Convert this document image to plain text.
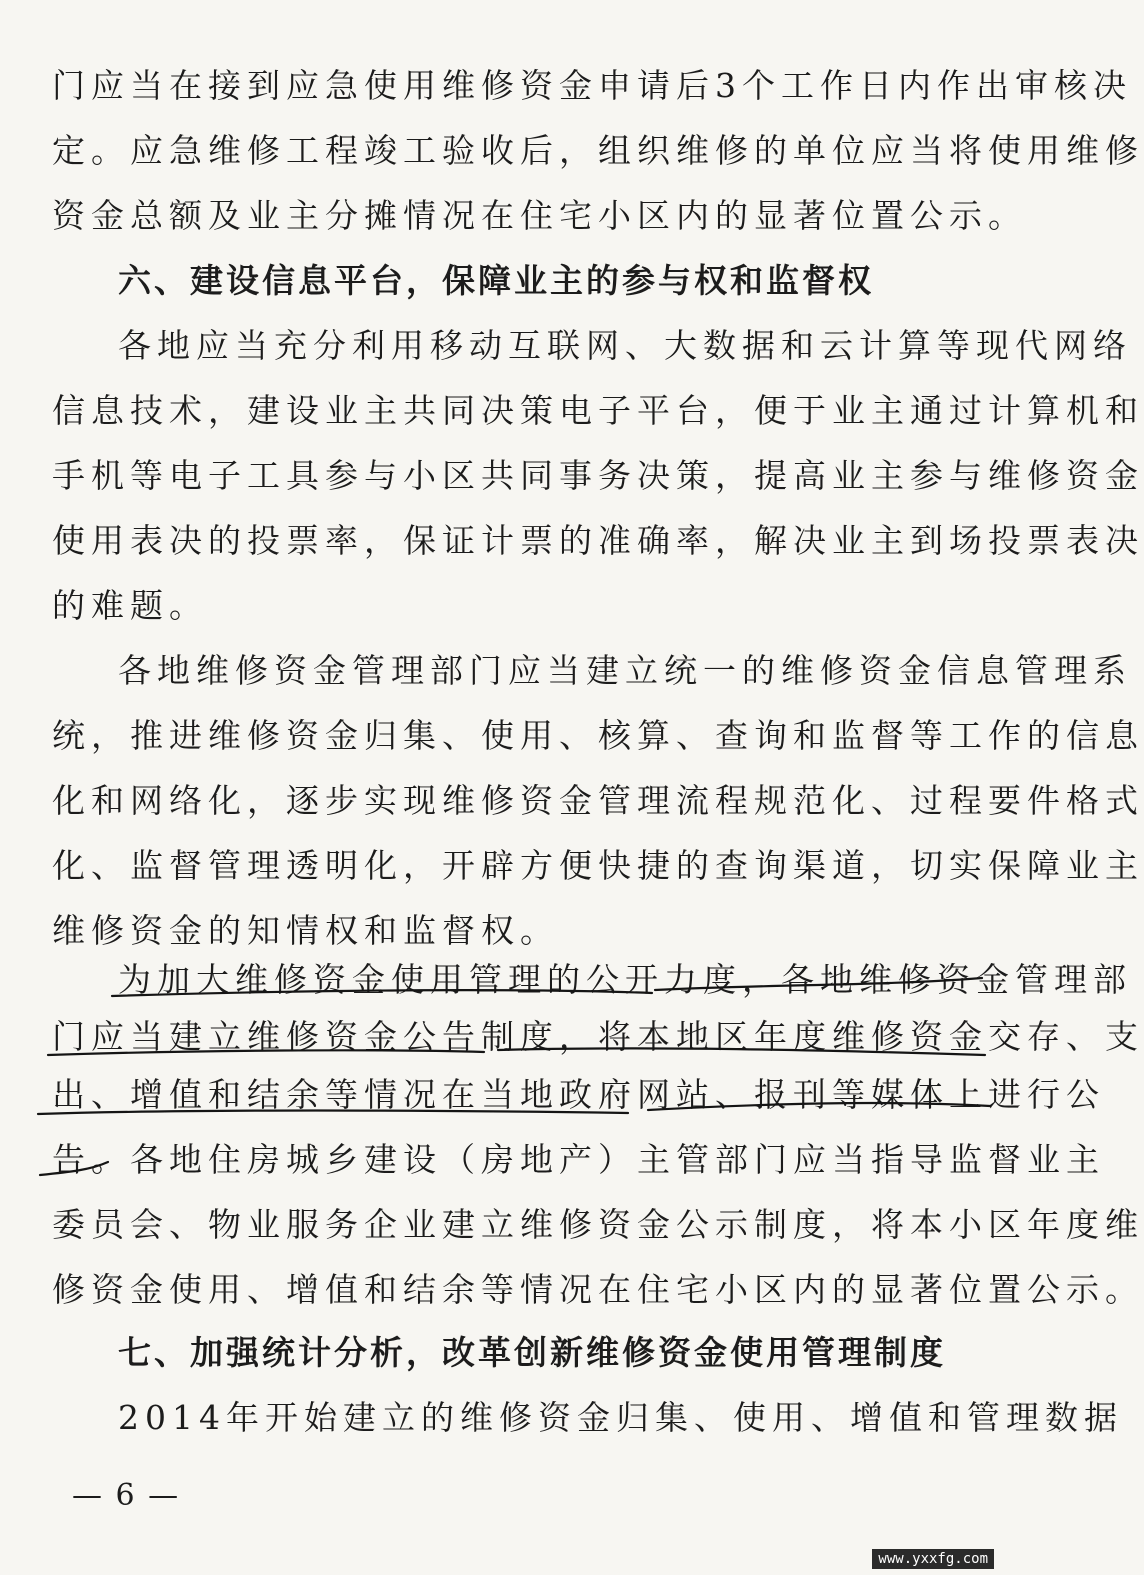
门应当在接到应急使用维修资金申请后3个工作日内作出审核决
定。应急维修工程竣工验收后，组织维修的单位应当将使用维修
资金总额及业主分摊情况在住宅小区内的显著位置公示。
六、建设信息平台，保障业主的参与权和监督权
各地应当充分利用移动互联网、大数据和云计算等现代网络
信息技术，建设业主共同决策电子平台，便于业主通过计算机和
手机等电子工具参与小区共同事务决策，提高业主参与维修资金
使用表决的投票率，保证计票的准确率，解决业主到场投票表决
的难题。
各地维修资金管理部门应当建立统一的维修资金信息管理系
统，推进维修资金归集、使用、核算、查询和监督等工作的信息
化和网络化，逐步实现维修资金管理流程规范化、过程要件格式
化、监督管理透明化，开辟方便快捷的查询渠道，切实保障业主
维修资金的知情权和监督权。
为加大维修资金使用管理的公开力度，各地维修资金管理部
门应当建立维修资金公告制度，将本地区年度维修资金交存、支
出、增值和结余等情况在当地政府网站、报刊等媒体上进行公
告。各地住房城乡建设（房地产）主管部门应当指导监督业主
委员会、物业服务企业建立维修资金公示制度，将本小区年度维
修资金使用、增值和结余等情况在住宅小区内的显著位置公示。
七、加强统计分析，改革创新维修资金使用管理制度
2014年开始建立的维修资金归集、使用、增值和管理数据
— 6 —
www.yxxfg.com
